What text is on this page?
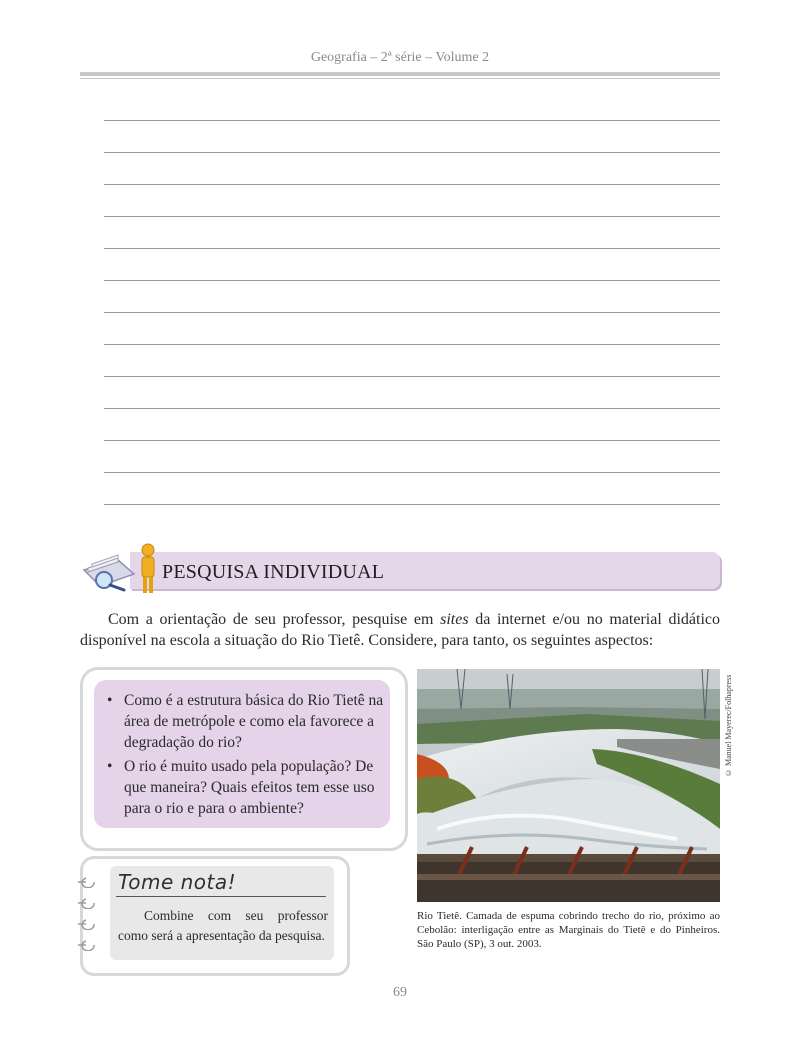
Geografia – 2ª série – Volume 2
PESQUISA INDIVIDUAL
Com a orientação de seu professor, pesquise em sites da internet e/ou no material didático disponível na escola a situação do Rio Tietê. Considere, para tanto, os seguintes aspectos:
• Como é a estrutura básica do Rio Tietê na área de metrópole e como ela favorece a degradação do rio?
• O rio é muito usado pela população? De que maneira? Quais efeitos tem esse uso para o rio e para o ambiente?
Tome nota!
Combine com seu professor como será a apresentação da pesquisa.
© Manuel Mayerec/Folhapress
Rio Tietê. Camada de espuma cobrindo trecho do rio, próximo ao Cebolão: interligação entre as Marginais do Tietê e do Pinheiros. São Paulo (SP), 3 out. 2003.
69
